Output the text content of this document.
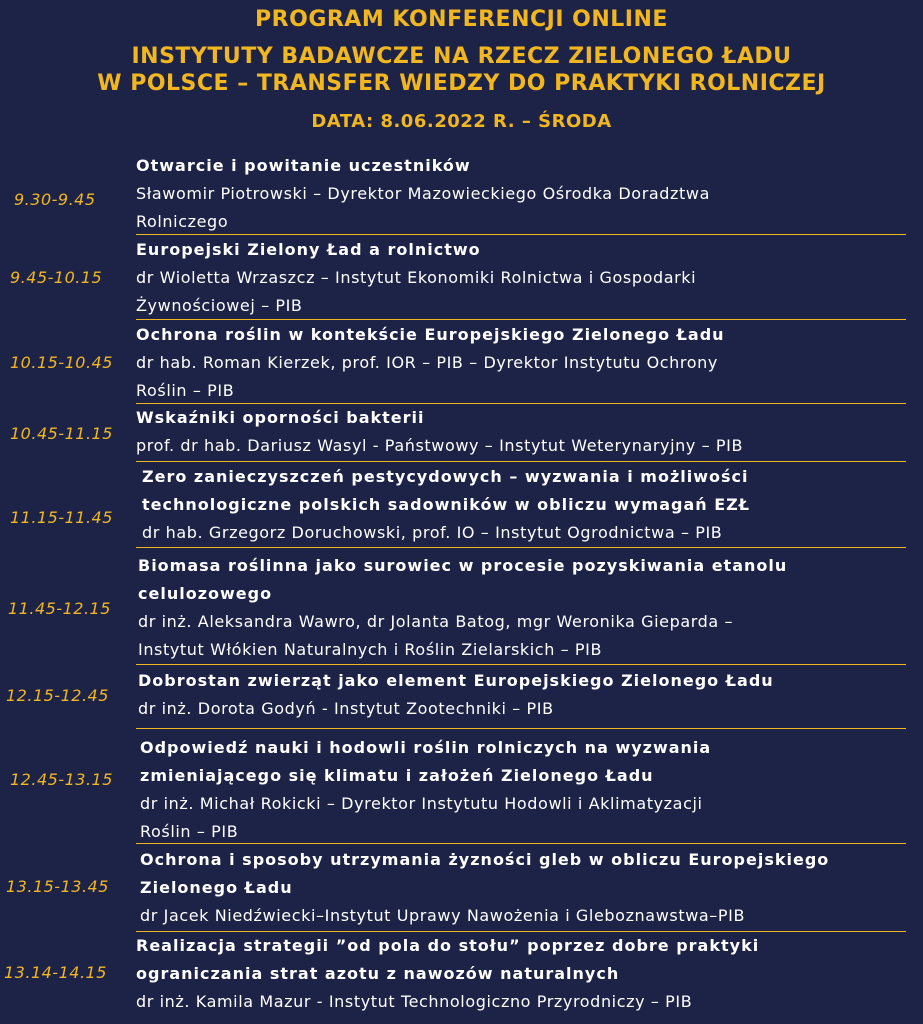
PROGRAM KONFERENCJI ONLINE
INSTYTUTY BADAWCZE NA RZECZ ZIELONEGO ŁADU
W POLSCE – TRANSFER WIEDZY DO PRAKTYKI ROLNICZEJ
DATA: 8.06.2022 R. – ŚRODA
9.30-9.45
Otwarcie i powitanie uczestników
Sławomir Piotrowski – Dyrektor Mazowieckiego Ośrodka Doradztwa
Rolniczego
9.45-10.15
Europejski Zielony Ład a rolnictwo
dr Wioletta Wrzaszcz – Instytut Ekonomiki Rolnictwa i Gospodarki
Żywnościowej – PIB
10.15-10.45
Ochrona roślin w kontekście Europejskiego Zielonego Ładu
dr hab. Roman Kierzek, prof. IOR – PIB – Dyrektor Instytutu Ochrony
Roślin – PIB
10.45-11.15
Wskaźniki oporności bakterii
prof. dr hab. Dariusz Wasyl - Państwowy – Instytut Weterynaryjny – PIB
11.15-11.45
Zero zanieczyszczeń pestycydowych – wyzwania i możliwości
technologiczne polskich sadowników w obliczu wymagań EZŁ
dr hab. Grzegorz Doruchowski, prof. IO – Instytut Ogrodnictwa – PIB
11.45-12.15
Biomasa roślinna jako surowiec w procesie pozyskiwania etanolu
celulozowego
dr inż. Aleksandra Wawro, dr Jolanta Batog, mgr Weronika Gieparda –
Instytut Włókien Naturalnych i Roślin Zielarskich – PIB
12.15-12.45
Dobrostan zwierząt jako element Europejskiego Zielonego Ładu
dr inż. Dorota Godyń - Instytut Zootechniki – PIB
12.45-13.15
Odpowiedź nauki i hodowli roślin rolniczych na wyzwania
zmieniającego się klimatu i założeń Zielonego Ładu
dr inż. Michał Rokicki – Dyrektor Instytutu Hodowli i Aklimatyzacji
Roślin – PIB
13.15-13.45
Ochrona i sposoby utrzymania żyzności gleb w obliczu Europejskiego
Zielonego Ładu
dr Jacek Niedźwiecki–Instytut Uprawy Nawożenia i Gleboznawstwa–PIB
13.14-14.15
Realizacja strategii ”od pola do stołu” poprzez dobre praktyki
ograniczania strat azotu z nawozów naturalnych
dr inż. Kamila Mazur - Instytut Technologiczno Przyrodniczy – PIB
